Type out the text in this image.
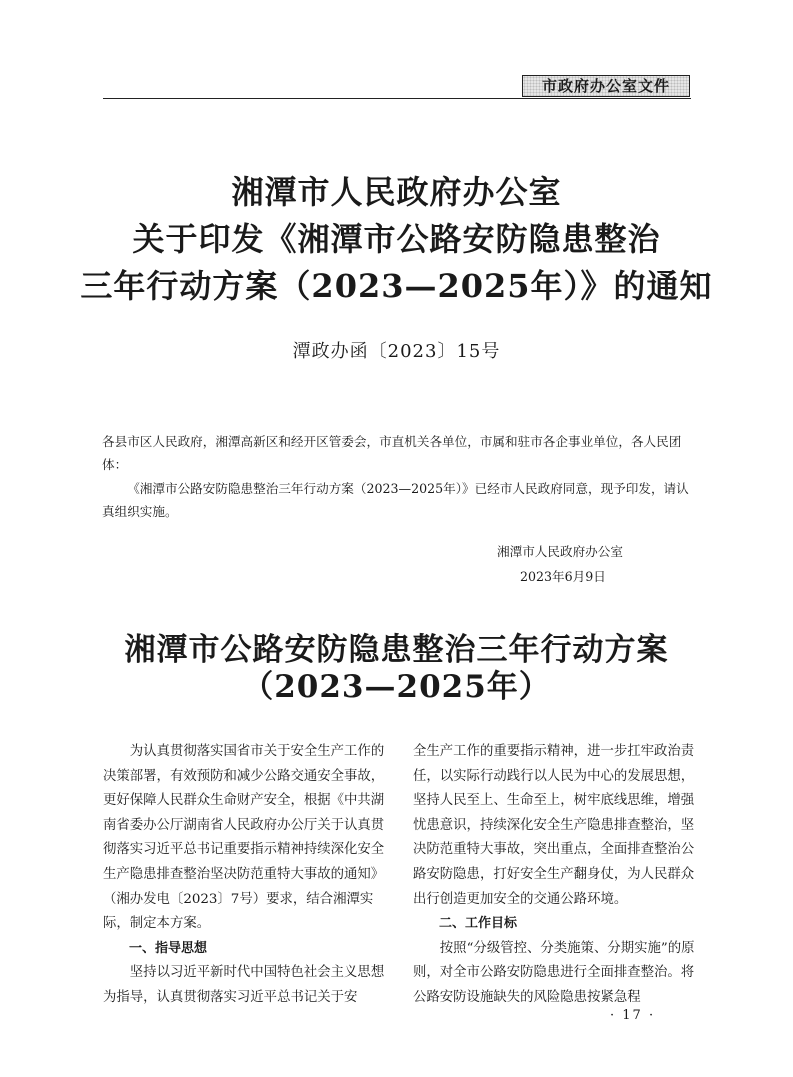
市政府办公室文件
湘潭市人民政府办公室
关于印发《湘潭市公路安防隐患整治
三年行动方案（2023—2025年）》的通知
潭政办函〔2023〕15号
各县市区人民政府，湘潭高新区和经开区管委会，市直机关各单位，市属和驻市各企事业单位，各人民团体：
《湘潭市公路安防隐患整治三年行动方案（2023—2025年）》已经市人民政府同意，现予印发，请认真组织实施。
湘潭市人民政府办公室
2023年6月9日
湘潭市公路安防隐患整治三年行动方案
（2023—2025年）

为认真贯彻落实国省市关于安全生产工作的决策部署，有效预防和减少公路交通安全事故，更好保障人民群众生命财产安全，根据《中共湖南省委办公厅湖南省人民政府办公厅关于认真贯彻落实习近平总书记重要指示精神持续深化安全生产隐患排查整治坚决防范重特大事故的通知》（湘办发电〔2023〕7号）要求，结合湘潭实际，制定本方案。

一、指导思想

坚持以习近平新时代中国特色社会主义思想为指导，认真贯彻落实习近平总书记关于安

全生产工作的重要指示精神，进一步扛牢政治责任，以实际行动践行以人民为中心的发展思想，坚持人民至上、生命至上，树牢底线思维，增强忧患意识，持续深化安全生产隐患排查整治，坚决防范重特大事故，突出重点，全面排查整治公路安防隐患，打好安全生产翻身仗，为人民群众出行创造更加安全的交通公路环境。

二、工作目标

按照“分级管控、分类施策、分期实施”的原则，对全市公路安防隐患进行全面排查整治。将公路安防设施缺失的风险隐患按紧急程

· 17 ·
